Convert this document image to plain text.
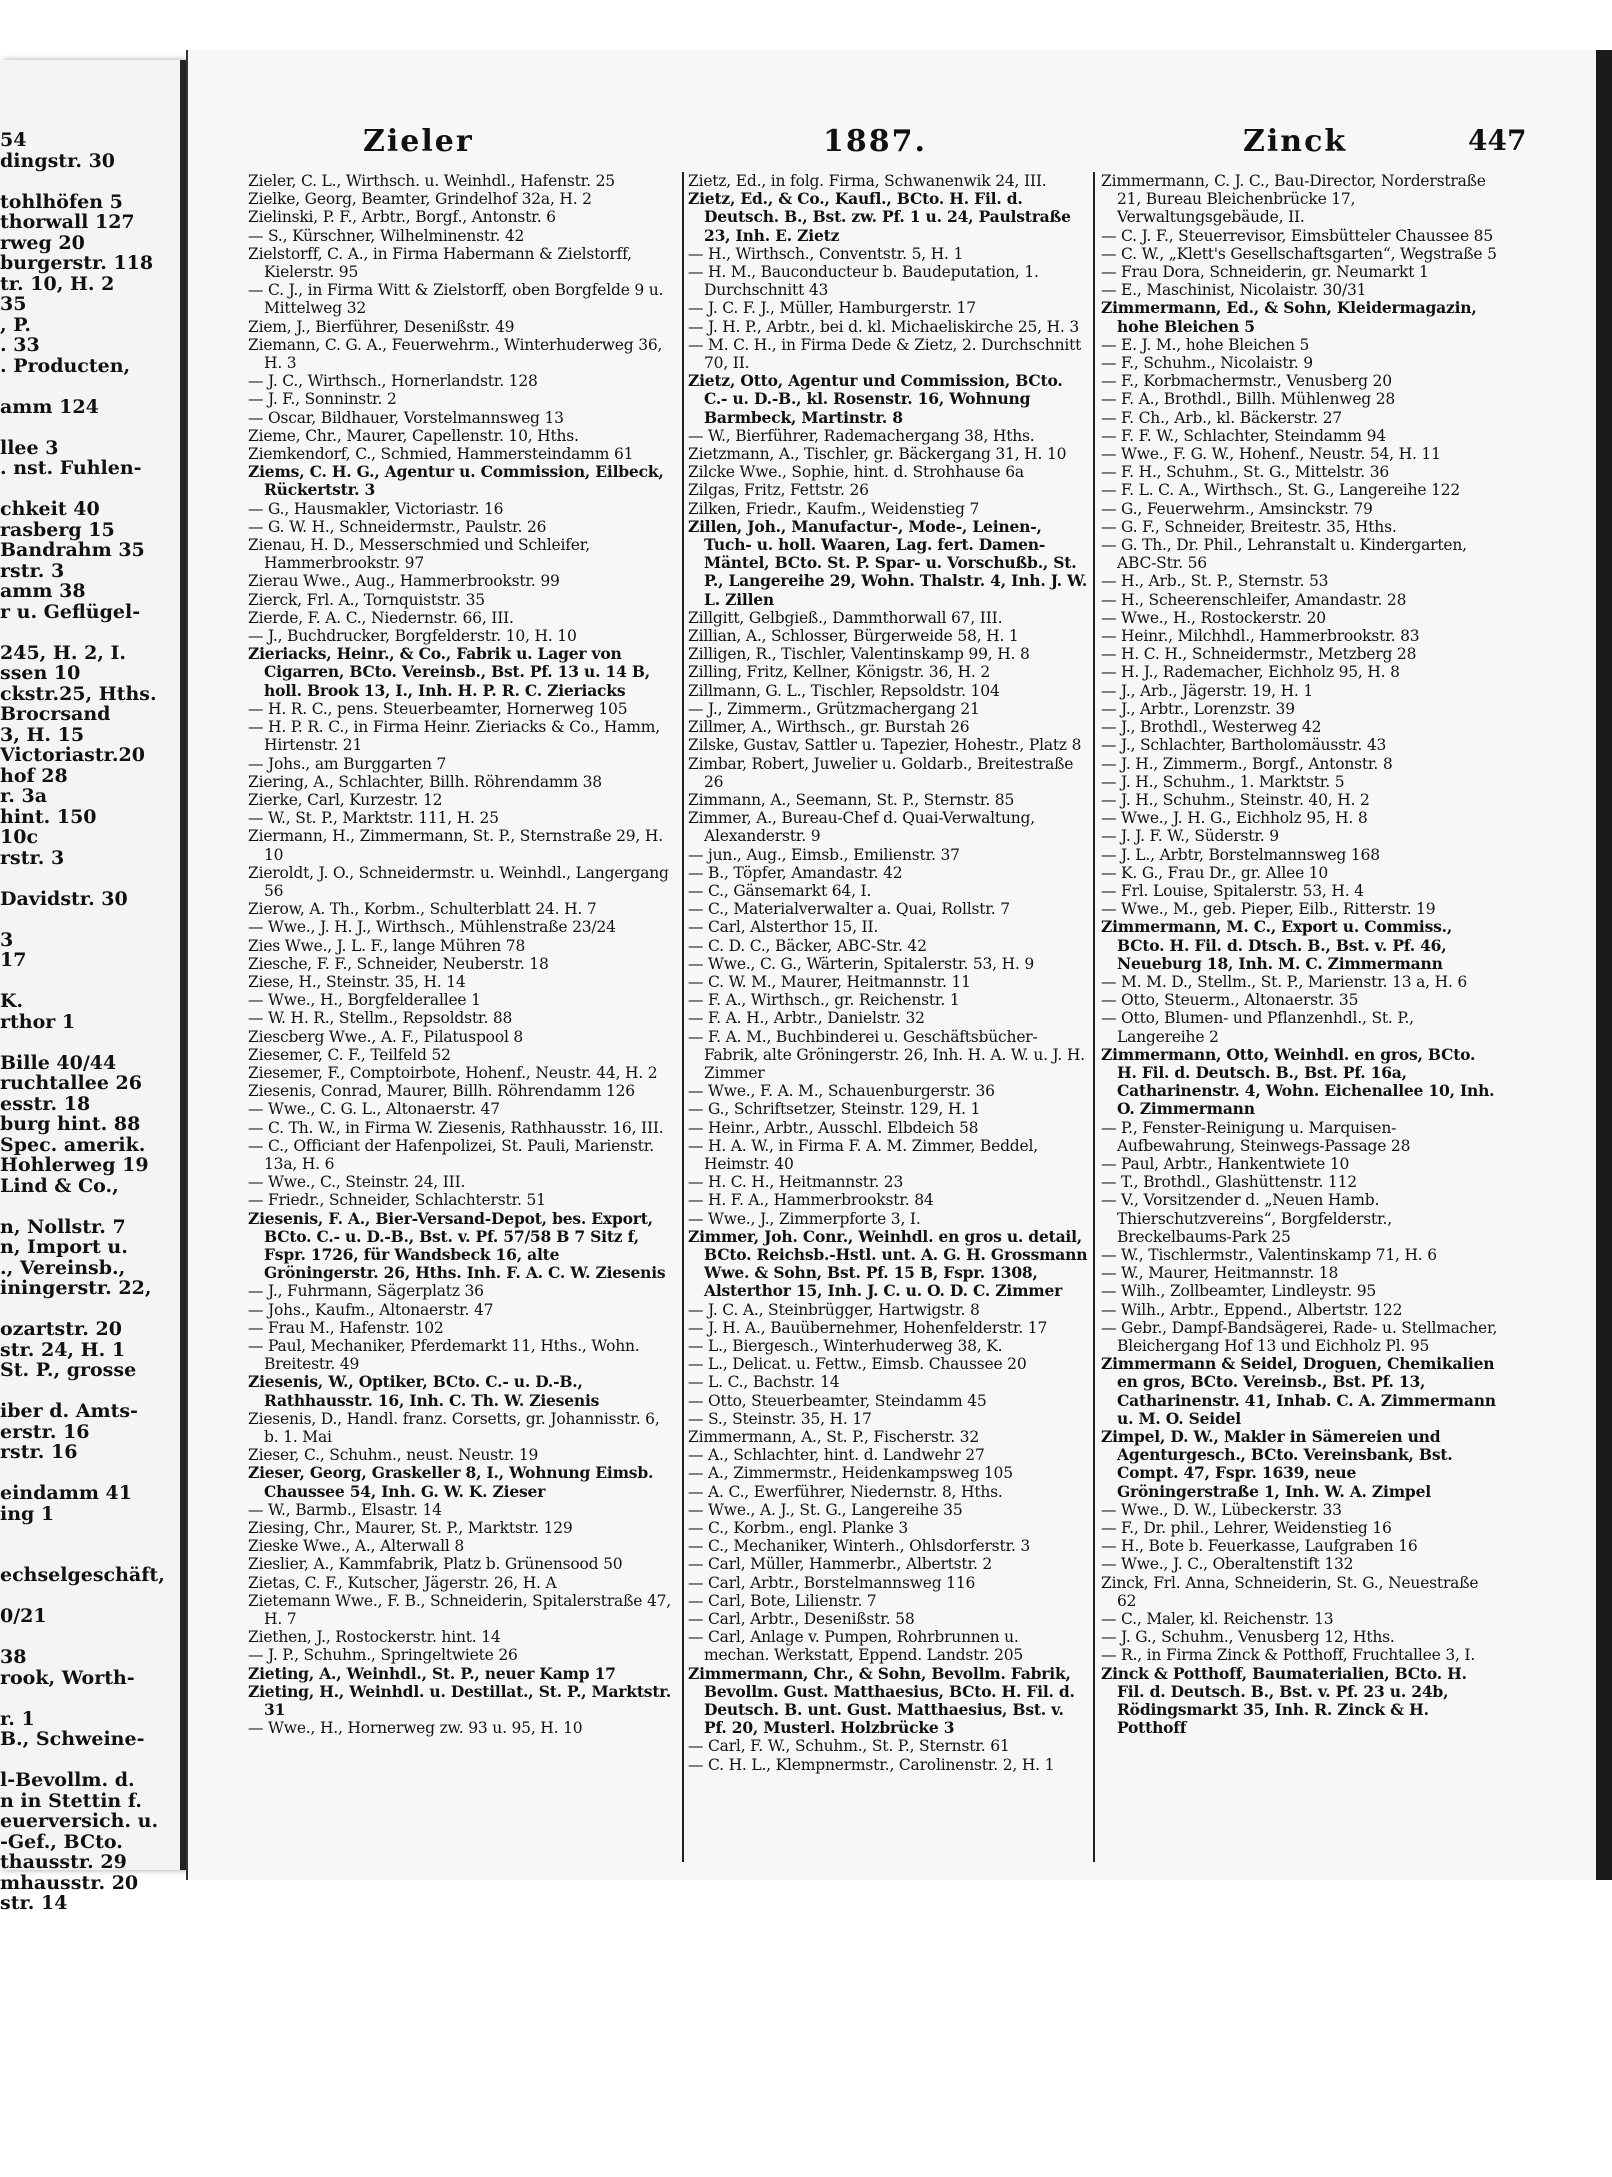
54
dingstr. 30
tohlhöfen 5
thorwall 127
rweg 20
burgerstr. 118
tr. 10, H. 2
35
, P.
. 33
. Producten,
amm 124
llee 3
. nst. Fuhlen-
chkeit 40
rasberg 15
Bandrahm 35
rstr. 3
amm 38
r u. Geflügel-
245, H. 2, I.
ssen 10
ckstr.25, Hths.
Brocrsand
3, H. 15
Victoriastr.20
hof 28
r. 3a
hint. 150
10c
rstr. 3
Davidstr. 30
3
17
K.
rthor 1
Bille 40/44
ruchtallee 26
esstr. 18
burg hint. 88
Spec. amerik.
Hohlerweg 19
Lind & Co.,
n, Nollstr. 7
n, Import u.
., Vereinsb.,
iningerstr. 22,
ozartstr. 20
str. 24, H. 1
St. P., grosse
iber d. Amts-
erstr. 16
rstr. 16
eindamm 41
ing 1
echselgeschäft,
0/21
38
rook, Worth-
r. 1
B., Schweine-
l-Bevollm. d.
n in Stettin f.
euerversich. u.
-Gef., BCto.
thausstr. 29
mhausstr. 20
str. 14
Zieler	1887.	Zinck	447

Zieler, C. L., Wirthsch. u. Weinhdl., Hafenstr. 25

Zielke, Georg, Beamter, Grindelhof 32a, H. 2

Zielinski, P. F., Arbtr., Borgf., Antonstr. 6

— S., Kürschner, Wilhelminenstr. 42

Zielstorff, C. A., in Firma Habermann & Zielstorff, Kielerstr. 95

— C. J., in Firma Witt & Zielstorff, oben Borgfelde 9 u. Mittelweg 32

Ziem, J., Bierführer, Desenißstr. 49

Ziemann, C. G. A., Feuerwehrm., Winterhuderweg 36, H. 3

— J. C., Wirthsch., Hornerlandstr. 128

— J. F., Sonninstr. 2

— Oscar, Bildhauer, Vorstelmannsweg 13

Zieme, Chr., Maurer, Capellenstr. 10, Hths.

Ziemkendorf, C., Schmied, Hammersteindamm 61

Ziems, C. H. G., Agentur u. Commission, Eilbeck, Rückertstr. 3

— G., Hausmakler, Victoriastr. 16

— G. W. H., Schneidermstr., Paulstr. 26

Zienau, H. D., Messerschmied und Schleifer, Hammerbrookstr. 97

Zierau Wwe., Aug., Hammerbrookstr. 99

Zierck, Frl. A., Tornquiststr. 35

Zierde, F. A. C., Niedernstr. 66, III.

— J., Buchdrucker, Borgfelderstr. 10, H. 10

Zieriacks, Heinr., & Co., Fabrik u. Lager von Cigarren, BCto. Vereinsb., Bst. Pf. 13 u. 14 B, holl. Brook 13, I., Inh. H. P. R. C. Zieriacks

— H. R. C., pens. Steuerbeamter, Hornerweg 105

— H. P. R. C., in Firma Heinr. Zieriacks & Co., Hamm, Hirtenstr. 21

— Johs., am Burggarten 7

Ziering, A., Schlachter, Billh. Röhrendamm 38

Zierke, Carl, Kurzestr. 12

— W., St. P., Marktstr. 111, H. 25

Ziermann, H., Zimmermann, St. P., Sternstraße 29, H. 10

Zieroldt, J. O., Schneidermstr. u. Weinhdl., Langergang 56

Zierow, A. Th., Korbm., Schulterblatt 24. H. 7

— Wwe., J. H. J., Wirthsch., Mühlenstraße 23/24

Zies Wwe., J. L. F., lange Mühren 78

Ziesche, F. F., Schneider, Neuberstr. 18

Ziese, H., Steinstr. 35, H. 14

— Wwe., H., Borgfelderallee 1

— W. H. R., Stellm., Repsoldstr. 88

Ziescberg Wwe., A. F., Pilatuspool 8

Ziesemer, C. F., Teilfeld 52

Ziesemer, F., Comptoirbote, Hohenf., Neustr. 44, H. 2

Ziesenis, Conrad, Maurer, Billh. Röhrendamm 126

— Wwe., C. G. L., Altonaerstr. 47

— C. Th. W., in Firma W. Ziesenis, Rathhausstr. 16, III.

— C., Officiant der Hafenpolizei, St. Pauli, Marienstr. 13a, H. 6

— Wwe., C., Steinstr. 24, III.

— Friedr., Schneider, Schlachterstr. 51

Ziesenis, F. A., Bier-Versand-Depot, bes. Export, BCto. C.- u. D.-B., Bst. v. Pf. 57/58 B 7 Sitz f, Fspr. 1726, für Wandsbeck 16, alte Gröningerstr. 26, Hths. Inh. F. A. C. W. Ziesenis

— J., Fuhrmann, Sägerplatz 36

— Johs., Kaufm., Altonaerstr. 47

— Frau M., Hafenstr. 102

— Paul, Mechaniker, Pferdemarkt 11, Hths., Wohn. Breitestr. 49

Ziesenis, W., Optiker, BCto. C.- u. D.-B., Rathhausstr. 16, Inh. C. Th. W. Ziesenis

Ziesenis, D., Handl. franz. Corsetts, gr. Johannisstr. 6, b. 1. Mai

Zieser, C., Schuhm., neust. Neustr. 19

Zieser, Georg, Graskeller 8, I., Wohnung Eimsb. Chaussee 54, Inh. G. W. K. Zieser

— W., Barmb., Elsastr. 14

Ziesing, Chr., Maurer, St. P., Marktstr. 129

Zieske Wwe., A., Alterwall 8

Zieslier, A., Kammfabrik, Platz b. Grünensood 50

Zietas, C. F., Kutscher, Jägerstr. 26, H. A

Zietemann Wwe., F. B., Schneiderin, Spitalerstraße 47, H. 7

Ziethen, J., Rostockerstr. hint. 14

— J. P., Schuhm., Springeltwiete 26

Zieting, A., Weinhdl., St. P., neuer Kamp 17

Zieting, H., Weinhdl. u. Destillat., St. P., Marktstr. 31

— Wwe., H., Hornerweg zw. 93 u. 95, H. 10

Zietz, Ed., in folg. Firma, Schwanenwik 24, III.

Zietz, Ed., & Co., Kaufl., BCto. H. Fil. d. Deutsch. B., Bst. zw. Pf. 1 u. 24, Paulstraße 23, Inh. E. Zietz

— H., Wirthsch., Conventstr. 5, H. 1

— H. M., Bauconducteur b. Baudeputation, 1. Durchschnitt 43

— J. C. F. J., Müller, Hamburgerstr. 17

— J. H. P., Arbtr., bei d. kl. Michaeliskirche 25, H. 3

— M. C. H., in Firma Dede & Zietz, 2. Durchschnitt 70, II.

Zietz, Otto, Agentur und Commission, BCto. C.- u. D.-B., kl. Rosenstr. 16, Wohnung Barmbeck, Martinstr. 8

— W., Bierführer, Rademachergang 38, Hths.

Zietzmann, A., Tischler, gr. Bäckergang 31, H. 10

Zilcke Wwe., Sophie, hint. d. Strohhause 6a

Zilgas, Fritz, Fettstr. 26

Zilken, Friedr., Kaufm., Weidenstieg 7

Zillen, Joh., Manufactur-, Mode-, Leinen-, Tuch- u. holl. Waaren, Lag. fert. Damen-Mäntel, BCto. St. P. Spar- u. Vorschußb., St. P., Langereihe 29, Wohn. Thalstr. 4, Inh. J. W. L. Zillen

Zillgitt, Gelbgieß., Dammthorwall 67, III.

Zillian, A., Schlosser, Bürgerweide 58, H. 1

Zilligen, R., Tischler, Valentinskamp 99, H. 8

Zilling, Fritz, Kellner, Königstr. 36, H. 2

Zillmann, G. L., Tischler, Repsoldstr. 104

— J., Zimmerm., Grützmachergang 21

Zillmer, A., Wirthsch., gr. Burstah 26

Zilske, Gustav, Sattler u. Tapezier, Hohestr., Platz 8

Zimbar, Robert, Juwelier u. Goldarb., Breitestraße 26

Zimmann, A., Seemann, St. P., Sternstr. 85

Zimmer, A., Bureau-Chef d. Quai-Verwaltung, Alexanderstr. 9

— jun., Aug., Eimsb., Emilienstr. 37

— B., Töpfer, Amandastr. 42

— C., Gänsemarkt 64, I.

— C., Materialverwalter a. Quai, Rollstr. 7

— Carl, Alsterthor 15, II.

— C. D. C., Bäcker, ABC-Str. 42

— Wwe., C. G., Wärterin, Spitalerstr. 53, H. 9

— C. W. M., Maurer, Heitmannstr. 11

— F. A., Wirthsch., gr. Reichenstr. 1

— F. A. H., Arbtr., Danielstr. 32

— F. A. M., Buchbinderei u. Geschäftsbücher-Fabrik, alte Gröningerstr. 26, Inh. H. A. W. u. J. H. Zimmer

— Wwe., F. A. M., Schauenburgerstr. 36

— G., Schriftsetzer, Steinstr. 129, H. 1

— Heinr., Arbtr., Ausschl. Elbdeich 58

— H. A. W., in Firma F. A. M. Zimmer, Beddel, Heimstr. 40

— H. C. H., Heitmannstr. 23

— H. F. A., Hammerbrookstr. 84

— Wwe., J., Zimmerpforte 3, I.

Zimmer, Joh. Conr., Weinhdl. en gros u. detail, BCto. Reichsb.-Hstl. unt. A. G. H. Grossmann Wwe. & Sohn, Bst. Pf. 15 B, Fspr. 1308, Alsterthor 15, Inh. J. C. u. O. D. C. Zimmer

— J. C. A., Steinbrügger, Hartwigstr. 8

— J. H. A., Bauübernehmer, Hohenfelderstr. 17

— L., Biergesch., Winterhuderweg 38, K.

— L., Delicat. u. Fettw., Eimsb. Chaussee 20

— L. C., Bachstr. 14

— Otto, Steuerbeamter, Steindamm 45

— S., Steinstr. 35, H. 17

Zimmermann, A., St. P., Fischerstr. 32

— A., Schlachter, hint. d. Landwehr 27

— A., Zimmermstr., Heidenkampsweg 105

— A. C., Ewerführer, Niedernstr. 8, Hths.

— Wwe., A. J., St. G., Langereihe 35

— C., Korbm., engl. Planke 3

— C., Mechaniker, Winterh., Ohlsdorferstr. 3

— Carl, Müller, Hammerbr., Albertstr. 2

— Carl, Arbtr., Borstelmannsweg 116

— Carl, Bote, Lilienstr. 7

— Carl, Arbtr., Desenißstr. 58

— Carl, Anlage v. Pumpen, Rohrbrunnen u. mechan. Werkstatt, Eppend. Landstr. 205

Zimmermann, Chr., & Sohn, Bevollm. Fabrik, Bevollm. Gust. Matthaesius, BCto. H. Fil. d. Deutsch. B. unt. Gust. Matthaesius, Bst. v. Pf. 20, Musterl. Holzbrücke 3

— Carl, F. W., Schuhm., St. P., Sternstr. 61

— C. H. L., Klempnermstr., Carolinenstr. 2, H. 1

Zimmermann, C. J. C., Bau-Director, Norderstraße 21, Bureau Bleichenbrücke 17, Verwaltungsgebäude, II.

— C. J. F., Steuerrevisor, Eimsbütteler Chaussee 85

— C. W., „Klett's Gesellschaftsgarten“, Wegstraße 5

— Frau Dora, Schneiderin, gr. Neumarkt 1

— E., Maschinist, Nicolaistr. 30/31

Zimmermann, Ed., & Sohn, Kleidermagazin, hohe Bleichen 5

— E. J. M., hohe Bleichen 5

— F., Schuhm., Nicolaistr. 9

— F., Korbmachermstr., Venusberg 20

— F. A., Brothdl., Billh. Mühlenweg 28

— F. Ch., Arb., kl. Bäckerstr. 27

— F. F. W., Schlachter, Steindamm 94

— Wwe., F. G. W., Hohenf., Neustr. 54, H. 11

— F. H., Schuhm., St. G., Mittelstr. 36

— F. L. C. A., Wirthsch., St. G., Langereihe 122

— G., Feuerwehrm., Amsinckstr. 79

— G. F., Schneider, Breitestr. 35, Hths.

— G. Th., Dr. Phil., Lehranstalt u. Kindergarten, ABC-Str. 56

— H., Arb., St. P., Sternstr. 53

— H., Scheerenschleifer, Amandastr. 28

— Wwe., H., Rostockerstr. 20

— Heinr., Milchhdl., Hammerbrookstr. 83

— H. C. H., Schneidermstr., Metzberg 28

— H. J., Rademacher, Eichholz 95, H. 8

— J., Arb., Jägerstr. 19, H. 1

— J., Arbtr., Lorenzstr. 39

— J., Brothdl., Westerweg 42

— J., Schlachter, Bartholomäusstr. 43

— J. H., Zimmerm., Borgf., Antonstr. 8

— J. H., Schuhm., 1. Marktstr. 5

— J. H., Schuhm., Steinstr. 40, H. 2

— Wwe., J. H. G., Eichholz 95, H. 8

— J. J. F. W., Süderstr. 9

— J. L., Arbtr, Borstelmannsweg 168

— K. G., Frau Dr., gr. Allee 10

— Frl. Louise, Spitalerstr. 53, H. 4

— Wwe., M., geb. Pieper, Eilb., Ritterstr. 19

Zimmermann, M. C., Export u. Commiss., BCto. H. Fil. d. Dtsch. B., Bst. v. Pf. 46, Neueburg 18, Inh. M. C. Zimmermann

— M. M. D., Stellm., St. P., Marienstr. 13 a, H. 6

— Otto, Steuerm., Altonaerstr. 35

— Otto, Blumen- und Pflanzenhdl., St. P., Langereihe 2

Zimmermann, Otto, Weinhdl. en gros, BCto. H. Fil. d. Deutsch. B., Bst. Pf. 16a, Catharinenstr. 4, Wohn. Eichenallee 10, Inh. O. Zimmermann

— P., Fenster-Reinigung u. Marquisen-Aufbewahrung, Steinwegs-Passage 28

— Paul, Arbtr., Hankentwiete 10

— T., Brothdl., Glashüttenstr. 112

— V., Vorsitzender d. „Neuen Hamb. Thierschutzvereins“, Borgfelderstr., Breckelbaums-Park 25

— W., Tischlermstr., Valentinskamp 71, H. 6

— W., Maurer, Heitmannstr. 18

— Wilh., Zollbeamter, Lindleystr. 95

— Wilh., Arbtr., Eppend., Albertstr. 122

— Gebr., Dampf-Bandsägerei, Rade- u. Stellmacher, Bleichergang Hof 13 und Eichholz Pl. 95

Zimmermann & Seidel, Droguen, Chemikalien en gros, BCto. Vereinsb., Bst. Pf. 13, Catharinenstr. 41, Inhab. C. A. Zimmermann u. M. O. Seidel

Zimpel, D. W., Makler in Sämereien und Agenturgesch., BCto. Vereinsbank, Bst. Compt. 47, Fspr. 1639, neue Gröningerstraße 1, Inh. W. A. Zimpel

— Wwe., D. W., Lübeckerstr. 33

— F., Dr. phil., Lehrer, Weidenstieg 16

— H., Bote b. Feuerkasse, Laufgraben 16

— Wwe., J. C., Oberaltenstift 132

Zinck, Frl. Anna, Schneiderin, St. G., Neuestraße 62

— C., Maler, kl. Reichenstr. 13

— J. G., Schuhm., Venusberg 12, Hths.

— R., in Firma Zinck & Potthoff, Fruchtallee 3, I.

Zinck & Potthoff, Baumaterialien, BCto. H. Fil. d. Deutsch. B., Bst. v. Pf. 23 u. 24b, Rödingsmarkt 35, Inh. R. Zinck & H. Potthoff
